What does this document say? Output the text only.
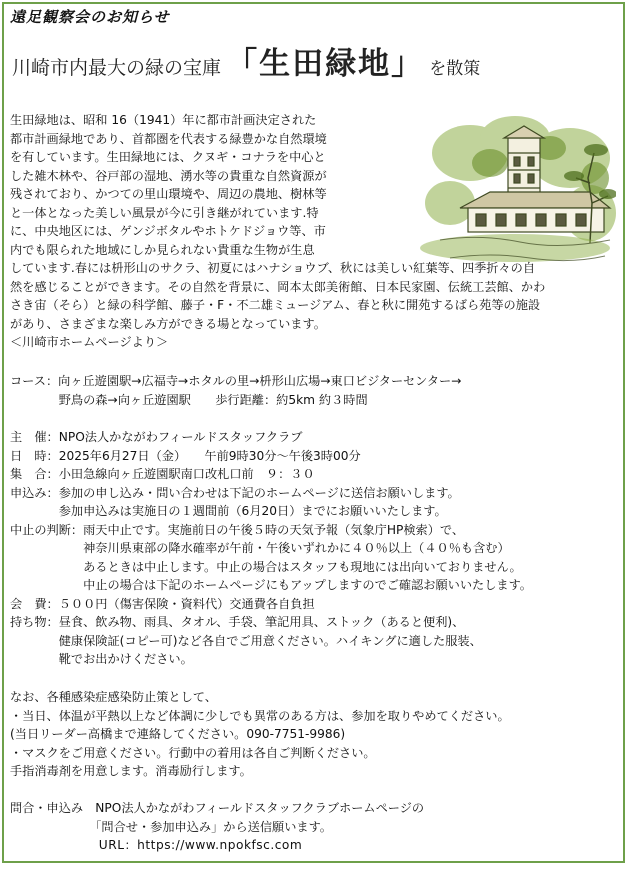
遠足観察会のお知らせ
川崎市内最大の緑の宝庫 「生田緑地」 を散策
生田緑地は、昭和 16（1941）年に都市計画決定された
都市計画緑地であり、首都圏を代表する緑豊かな自然環境
を有しています。生田緑地には、クヌギ・コナラを中心と
した雑木林や、谷戸部の湿地、湧水等の貴重な自然資源が
残されており、かつての里山環境や、周辺の農地、樹林等
と一体となった美しい風景が今に引き継がれています.特
に、中央地区には、ゲンジボタルやホトケドジョウ等、市
内でも限られた地域にしか見られない貴重な生物が生息
しています.春には枡形山のサクラ、初夏にはハナショウブ、秋には美しい紅葉等、四季折々の自
然を感じることができます。その自然を背景に、岡本太郎美術館、日本民家園、伝統工芸館、かわ
さき宙（そら）と緑の科学館、藤子・F・不二雄ミュージアム、春と秋に開苑するばら苑等の施設
があり、さまざまな楽しみ方ができる場となっています。
＜川崎市ホームページより＞
コース：向ヶ丘遊園駅→広福寺→ホタルの里→枡形山広場→東口ビジターセンター→
　　　　野鳥の森→向ヶ丘遊園駅　　歩行距離：約5km 約３時間
主　催：NPO法人かながわフィールドスタッフクラブ
日　時：2025年6月27日（金）　　午前9時30分～午後3時00分
集　合：小田急線向ヶ丘遊園駅南口改札口前　９：３０
申込み：参加の申し込み・問い合わせは下記のホームページに送信お願いします。
　　　　参加申込みは実施日の１週間前（6月20日）までにお願いいたします。
中止の判断：雨天中止です。実施前日の午後５時の天気予報（気象庁HP検索）で、
　　　　　　神奈川県東部の降水確率が午前・午後いずれかに４０％以上（４０％も含む）
　　　　　　あるときは中止します。中止の場合はスタッフも現地には出向いておりません。
　　　　　　中止の場合は下記のホームページにもアップしますのでご確認お願いいたします。
会　費：５００円（傷害保険・資料代）交通費各自負担
持ち物：昼食、飲み物、雨具、タオル、手袋、筆記用具、ストック（あると便利)、
　　　　健康保険証(コピー可)など各自でご用意ください。ハイキングに適した服装、
　　　　靴でお出かけください。
なお、各種感染症感染防止策として、
・当日、体温が平熱以上など体調に少しでも異常のある方は、参加を取りやめてください。
(当日リーダー高橋まで連絡してください。090-7751-9986)
・マスクをご用意ください。行動中の着用は各自ご判断ください。
手指消毒剤を用意します。消毒励行します。
問合・申込み　NPO法人かながわフィールドスタッフクラブホームページの
　　　　　　　「問合せ・参加申込み」から送信願います。
　　　　　　　URL：https://www.npokfsc.com
